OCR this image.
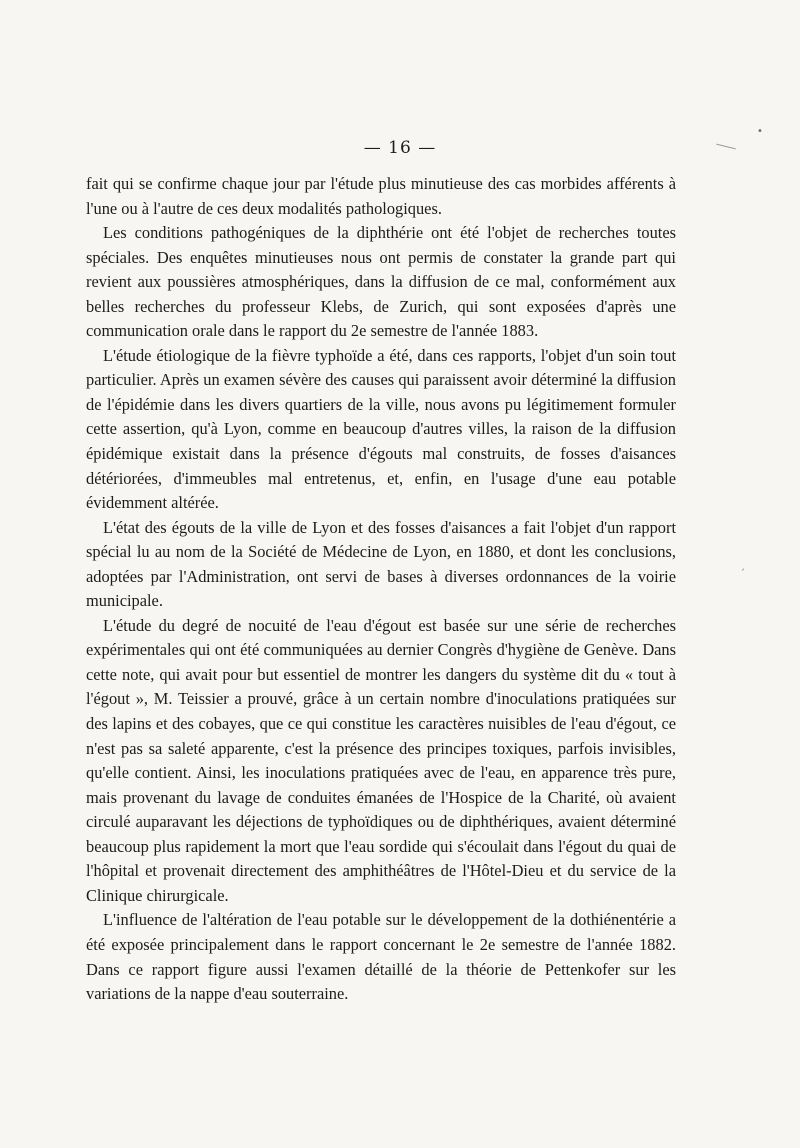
•
ˏ
— 16 —

fait qui se confirme chaque jour par l'étude plus minutieuse des cas morbides afférents à l'une ou à l'autre de ces deux modalités pathologiques.

Les conditions pathogéniques de la diphthérie ont été l'objet de recherches toutes spéciales. Des enquêtes minutieuses nous ont permis de constater la grande part qui revient aux poussières atmosphériques, dans la diffusion de ce mal, conformément aux belles recherches du professeur Klebs, de Zurich, qui sont exposées d'après une communication orale dans le rapport du 2e semestre de l'année 1883.

L'étude étiologique de la fièvre typhoïde a été, dans ces rapports, l'objet d'un soin tout particulier. Après un examen sévère des causes qui paraissent avoir déterminé la diffusion de l'épidémie dans les divers quartiers de la ville, nous avons pu légitimement formuler cette assertion, qu'à Lyon, comme en beaucoup d'autres villes, la raison de la diffusion épidémique existait dans la présence d'égouts mal construits, de fosses d'aisances détériorées, d'immeubles mal entretenus, et, enfin, en l'usage d'une eau potable évidemment altérée.

L'état des égouts de la ville de Lyon et des fosses d'aisances a fait l'objet d'un rapport spécial lu au nom de la Société de Médecine de Lyon, en 1880, et dont les conclusions, adoptées par l'Administration, ont servi de bases à diverses ordonnances de la voirie municipale.

L'étude du degré de nocuité de l'eau d'égout est basée sur une série de recherches expérimentales qui ont été communiquées au dernier Congrès d'hygiène de Genève. Dans cette note, qui avait pour but essentiel de montrer les dangers du système dit du « tout à l'égout », M. Teissier a prouvé, grâce à un certain nombre d'inoculations pratiquées sur des lapins et des cobayes, que ce qui constitue les caractères nuisibles de l'eau d'égout, ce n'est pas sa saleté apparente, c'est la présence des principes toxiques, parfois invisibles, qu'elle contient. Ainsi, les inoculations pratiquées avec de l'eau, en apparence très pure, mais provenant du lavage de conduites émanées de l'Hospice de la Charité, où avaient circulé auparavant les déjections de typhoïdiques ou de diphthériques, avaient déterminé beaucoup plus rapidement la mort que l'eau sordide qui s'écoulait dans l'égout du quai de l'hôpital et provenait directement des amphithéâtres de l'Hôtel-Dieu et du service de la Clinique chirurgicale.

L'influence de l'altération de l'eau potable sur le développement de la dothiénentérie a été exposée principalement dans le rapport concernant le 2e semestre de l'année 1882. Dans ce rapport figure aussi l'examen détaillé de la théorie de Pettenkofer sur les variations de la nappe d'eau souterraine.
